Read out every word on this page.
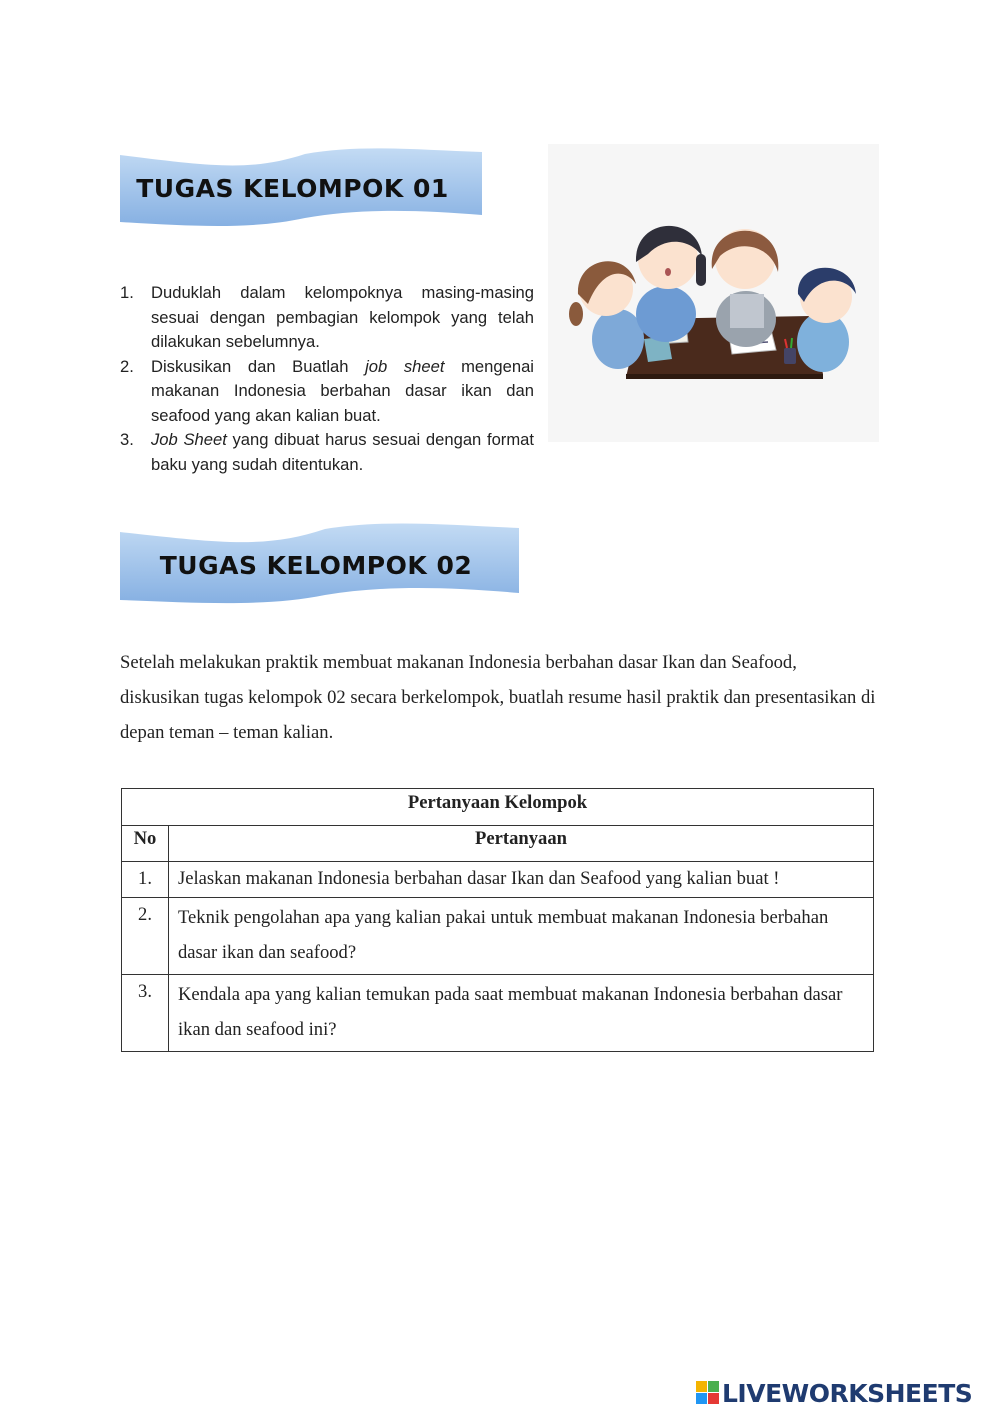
TUGAS KELOMPOK 01
1. Duduklah dalam kelompoknya masing-masing sesuai dengan pembagian kelompok yang telah dilakukan sebelumnya.
2. Diskusikan dan Buatlah job sheet mengenai makanan Indonesia berbahan dasar ikan dan seafood yang akan kalian buat.
3. Job Sheet yang dibuat harus sesuai dengan format baku yang sudah ditentukan.
TUGAS KELOMPOK 02

Setelah melakukan praktik membuat makanan Indonesia berbahan dasar Ikan dan Seafood, diskusikan tugas kelompok 02 secara berkelompok, buatlah resume hasil praktik dan presentasikan di depan teman – teman kalian.

Pertanyaan Kelompok	
No	Pertanyaan
1.	Jelaskan makanan Indonesia berbahan dasar Ikan dan Seafood yang kalian buat !
2.	Teknik pengolahan apa yang kalian pakai untuk membuat makanan Indonesia berbahan dasar ikan dan seafood?
3.	Kendala apa yang kalian temukan pada saat membuat makanan Indonesia berbahan dasar ikan dan seafood ini?
LIVEWORKSHEETS
